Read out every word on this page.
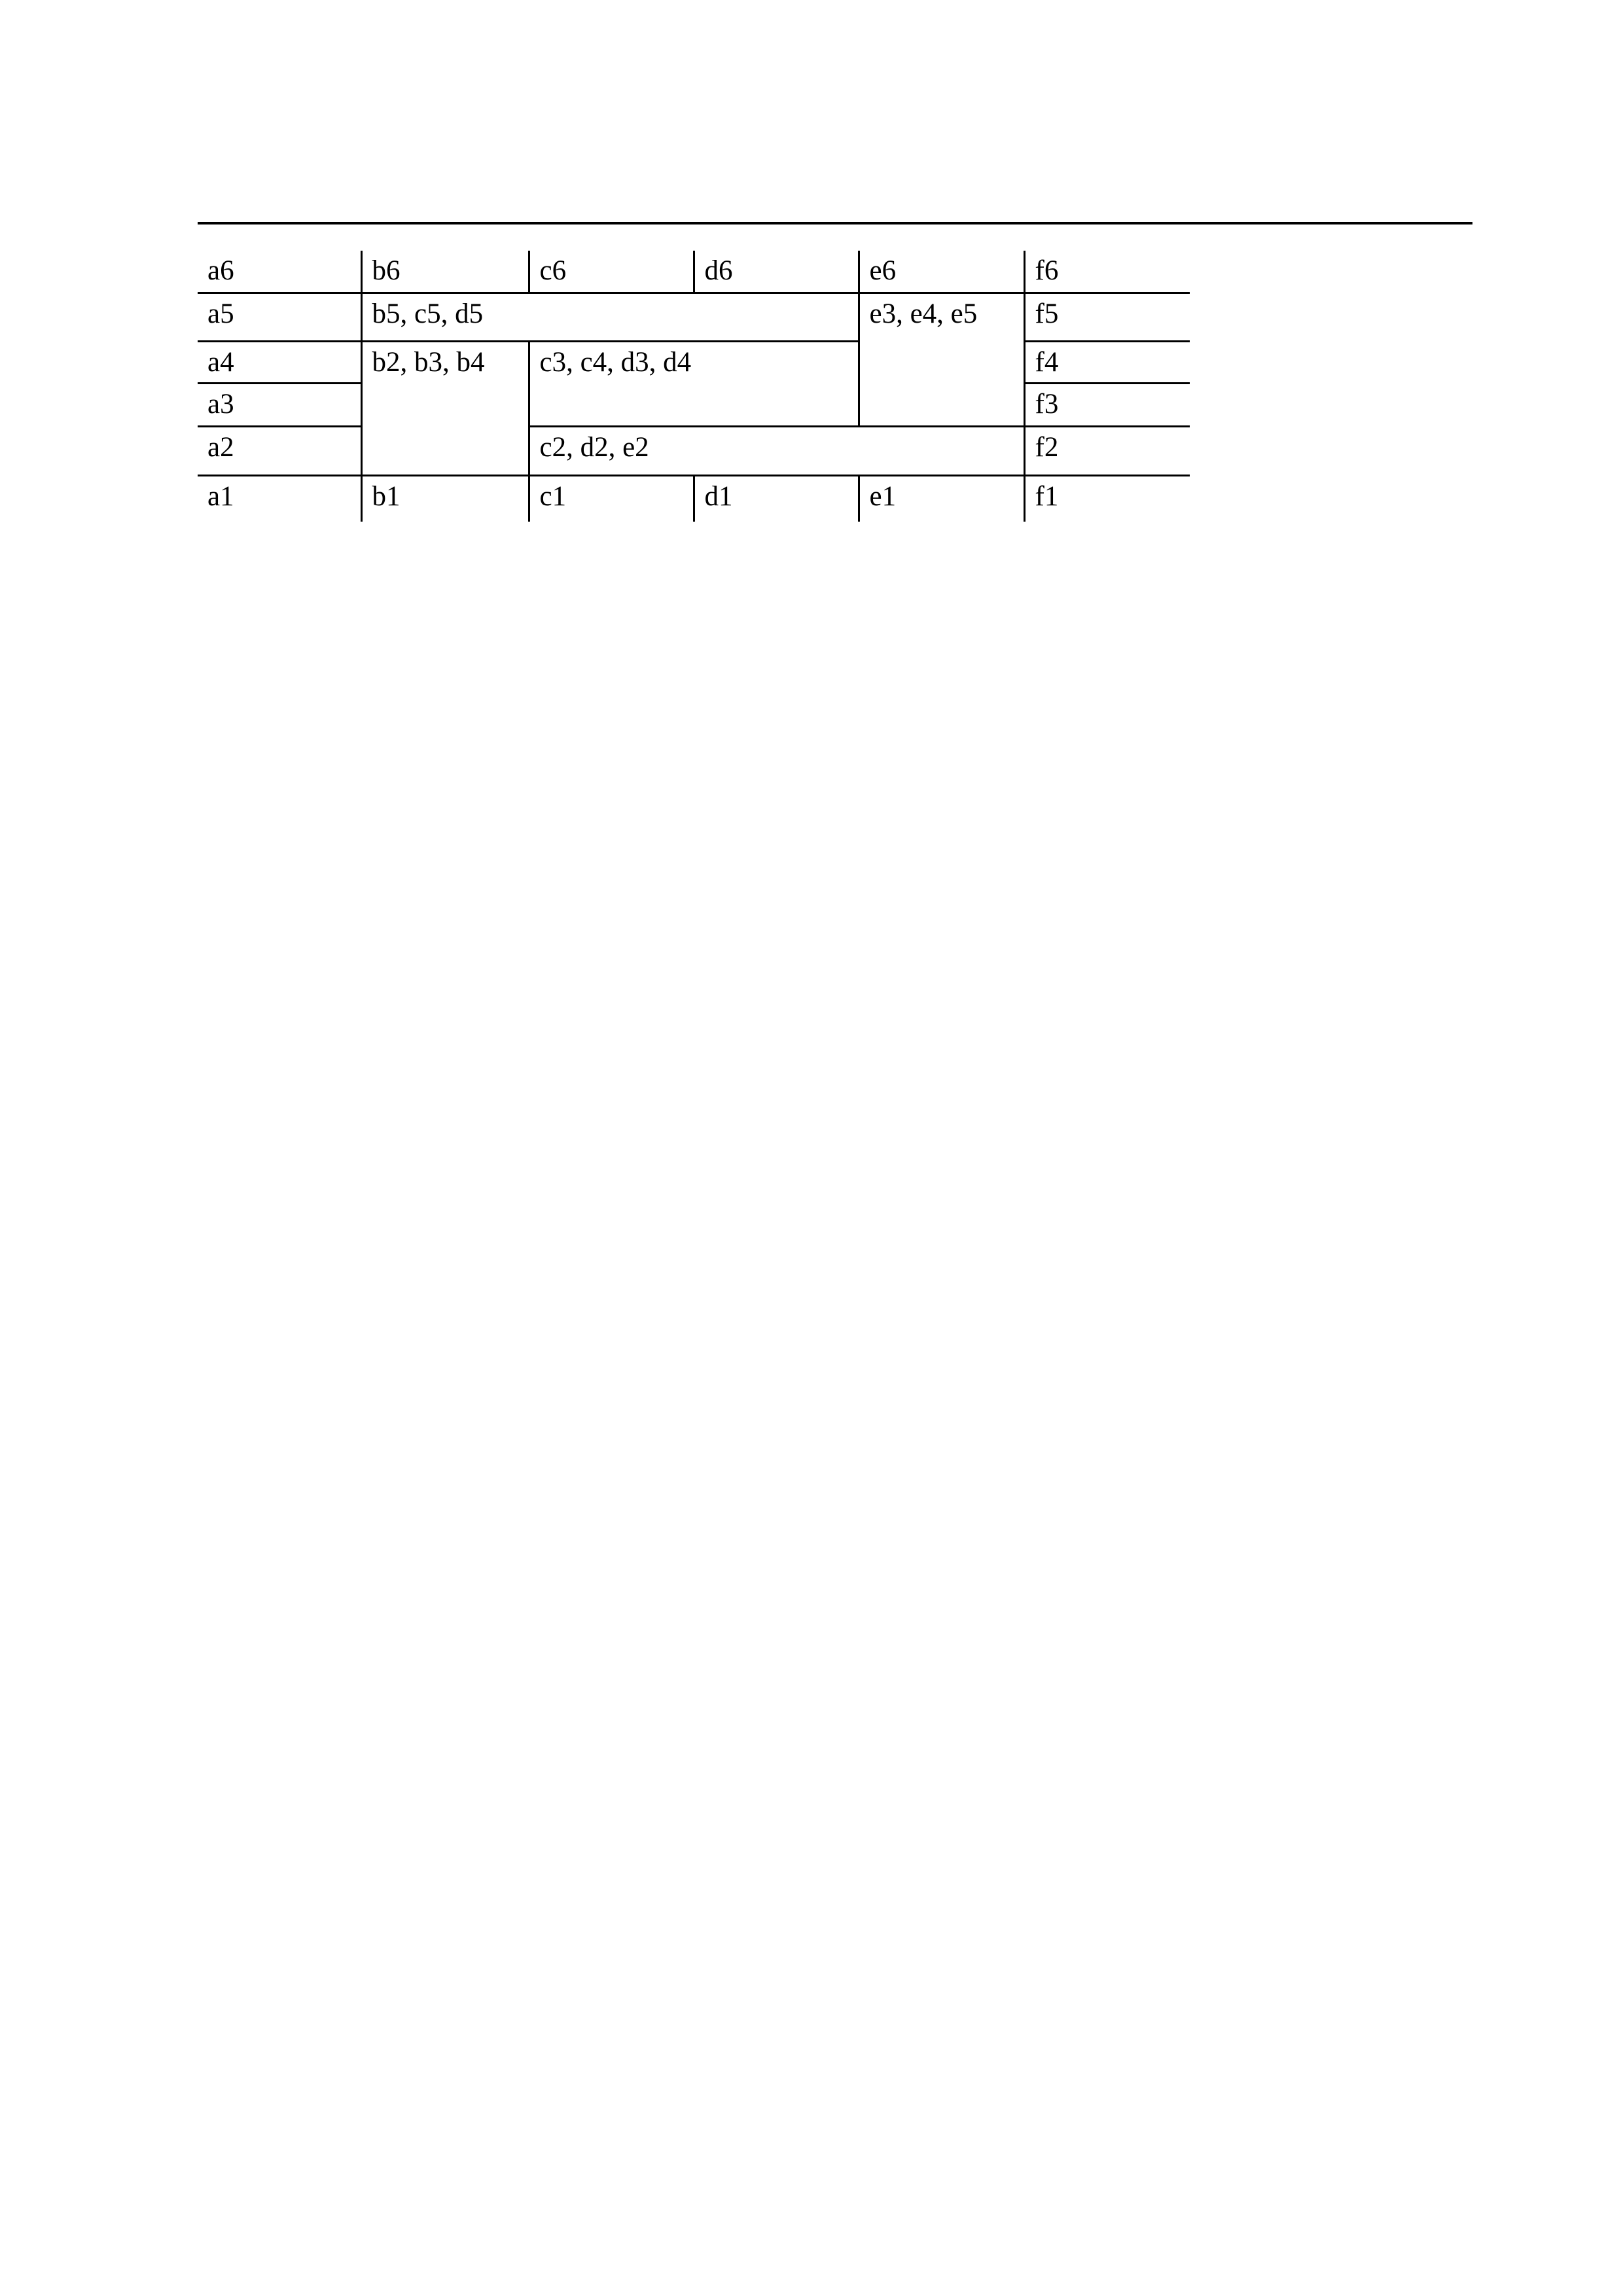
a6	b6	c6	d6	e6	f6
a5	b5, c5, d5			e3, e4, e5	f5
a4	b2, b3, b4	c3, c4, d3, d4			f4
a3					f3
a2		c2, d2, e2			f2
a1	b1	c1	d1	e1	f1
